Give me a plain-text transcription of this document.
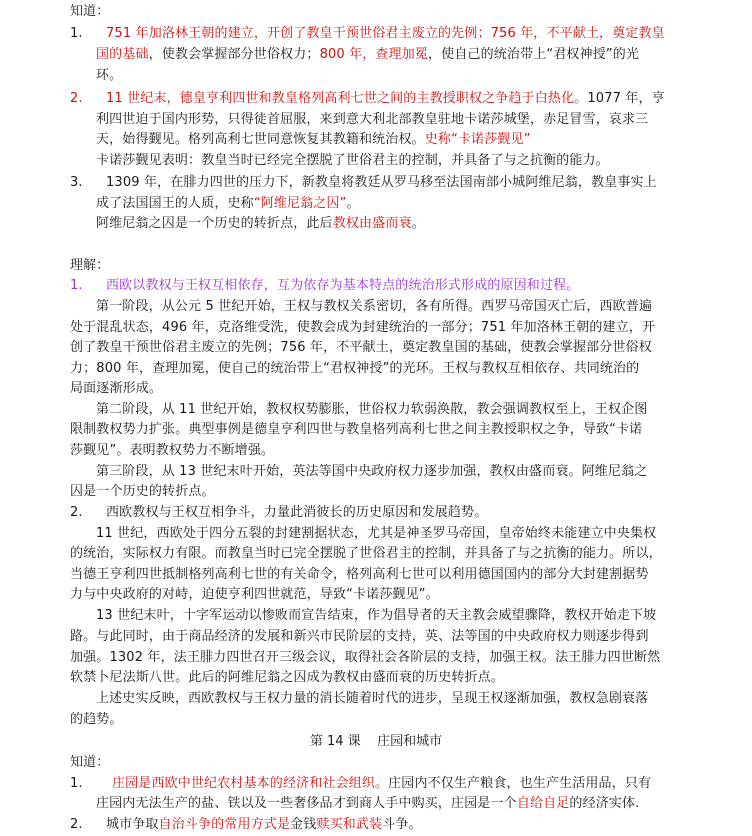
知道：
1. 751 年加洛林王朝的建立，开创了教皇干预世俗君主废立的先例；756 年，不平献土，奠定教皇
国的基础，使教会掌握部分世俗权力；800 年，查理加冕，使自己的统治带上“君权神授”的光
环。
2. 11 世纪末，德皇亨利四世和教皇格列高利七世之间的主教授职权之争趋于白热化。1077 年，亨
利四世迫于国内形势，只得徒首屈服，来到意大利北部教皇驻地卡诺莎城堡，赤足冒雪，哀求三
天，始得觐见。格列高利七世同意恢复其教籍和统治权。史称“卡诺莎觐见”
卡诺莎觐见表明：教皇当时已经完全摆脱了世俗君主的控制，并具备了与之抗衡的能力。
3. 1309 年，在腓力四世的压力下，新教皇将教廷从罗马移至法国南部小城阿维尼翁，教皇事实上
成了法国国王的人质，史称“阿维尼翁之囚”。
阿维尼翁之囚是一个历史的转折点，此后教权由盛而衰。
理解：
1. 西欧以教权与王权互相依存，互为依存为基本特点的统治形式形成的原因和过程。
第一阶段，从公元 5 世纪开始，王权与教权关系密切，各有所得。西罗马帝国灭亡后，西欧普遍
处于混乱状态，496 年，克洛维受洗，使教会成为封建统治的一部分；751 年加洛林王朝的建立，开
创了教皇干预世俗君主废立的先例；756 年，不平献土，奠定教皇国的基础，使教会掌握部分世俗权
力；800 年，查理加冕，使自己的统治带上“君权神授”的光环。王权与教权互相依存、共同统治的
局面逐渐形成。
第二阶段，从 11 世纪开始，教权权势膨胀，世俗权力软弱涣散，教会强调教权至上，王权企图
限制教权势力扩张。典型事例是德皇亨利四世与教皇格列高利七世之间主教授职权之争，导致“卡诺
莎觐见”。表明教权势力不断增强。
第三阶段，从 13 世纪末叶开始，英法等国中央政府权力逐步加强，教权由盛而衰。阿维尼翁之
囚是一个历史的转折点。
2. 西欧教权与王权互相争斗，力量此消彼长的历史原因和发展趋势。
11 世纪，西欧处于四分五裂的封建割据状态，尤其是神圣罗马帝国，皇帝始终未能建立中央集权
的统治，实际权力有限。而教皇当时已完全摆脱了世俗君主的控制，并具备了与之抗衡的能力。所以，
当德王亨利四世抵制格列高利七世的有关命令，格列高利七世可以利用德国国内的部分大封建割据势
力与中央政府的对峙，迫使亨利四世就范，导致“卡诺莎觐见”。
13 世纪末叶，十字军运动以惨败而宣告结束，作为倡导者的天主教会威望骤降，教权开始走下坡
路。与此同时，由于商品经济的发展和新兴市民阶层的支持，英、法等国的中央政府权力则逐步得到
加强。1302 年，法王腓力四世召开三级会议，取得社会各阶层的支持，加强王权。法王腓力四世断然
软禁卜尼法斯八世。此后的阿维尼翁之囚成为教权由盛而衰的历史转折点。
上述史实反映，西欧教权与王权力量的消长随着时代的进步，呈现王权逐渐加强，教权急剧衰落
的趋势。
第 14 课    庄园和城市
知道：
1. 庄园是西欧中世纪农村基本的经济和社会组织。庄园内不仅生产粮食，也生产生活用品，只有
庄园内无法生产的盐、铁以及一些奢侈品才到商人手中购买，庄园是一个自给自足的经济实体.
2. 城市争取自治斗争的常用方式是金钱赎买和武装斗争。
